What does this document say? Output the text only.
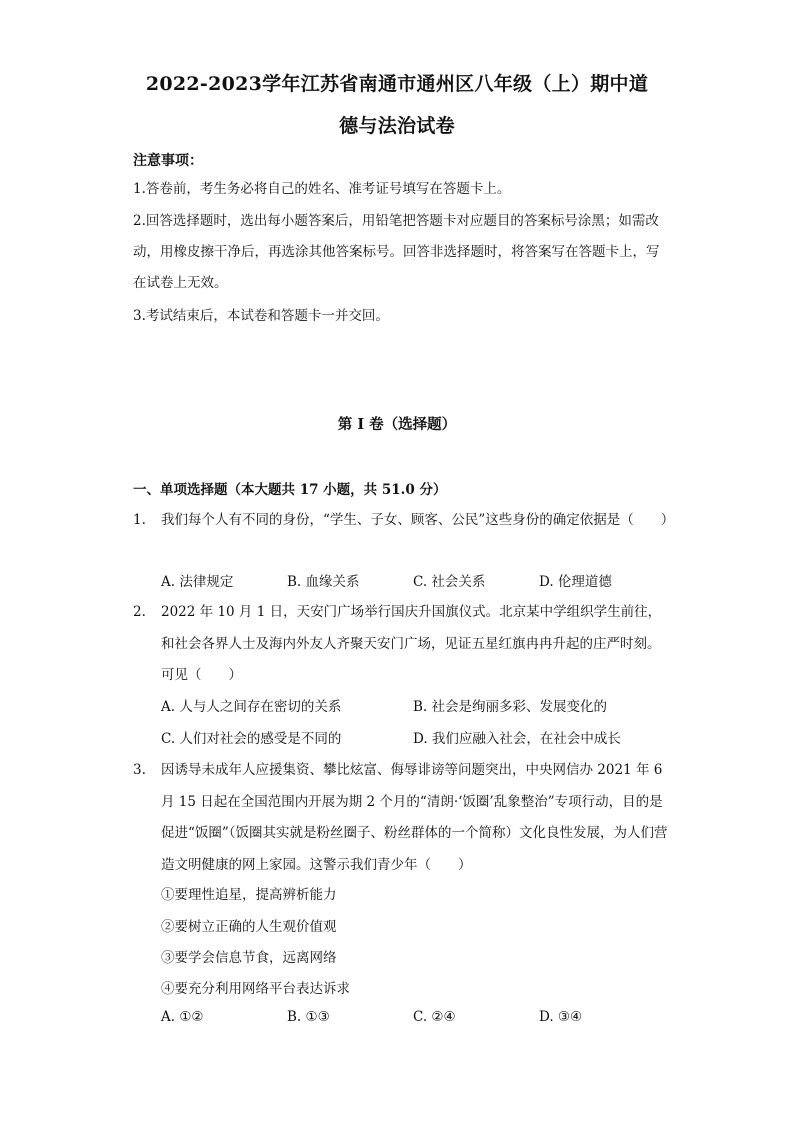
2022-2023学年江苏省南通市通州区八年级（上）期中道
德与法治试卷
注意事项：
1.答卷前，考生务必将自己的姓名、准考证号填写在答题卡上。
2.回答选择题时，选出每小题答案后，用铅笔把答题卡对应题目的答案标号涂黑；如需改动，用橡皮擦干净后，再选涂其他答案标号。回答非选择题时，将答案写在答题卡上，写在试卷上无效。
3.考试结束后，本试卷和答题卡一并交回。
第 I 卷（选择题）
一、单项选择题（本大题共 17 小题，共 51.0 分）
1.	我们每个人有不同的身份，“学生、子女、顾客、公民”这些身份的确定依据是（　　）
A. 法律规定	B. 血缘关系	C. 社会关系	D. 伦理道德
2.	2022 年 10 月 1 日，天安门广场举行国庆升国旗仪式。北京某中学组织学生前往，和社会各界人士及海内外友人齐聚天安门广场，见证五星红旗冉冉升起的庄严时刻。可见（　　）
A. 人与人之间存在密切的关系	B. 社会是绚丽多彩、发展变化的
C. 人们对社会的感受是不同的	D. 我们应融入社会，在社会中成长
3.	因诱导未成年人应援集资、攀比炫富、侮辱诽谤等问题突出，中央网信办 2021 年 6 月 15 日起在全国范围内开展为期 2 个月的“清朗·‘饭圈’乱象整治”专项行动，目的是促进“饭圈”（饭圈其实就是粉丝圈子、粉丝群体的一个简称）文化良性发展，为人们营造文明健康的网上家园。这警示我们青少年（　　）
①要理性追星，提高辨析能力
②要树立正确的人生观价值观
③要学会信息节食，远离网络
④要充分利用网络平台表达诉求
A. ①②	B. ①③	C. ②④	D. ③④
